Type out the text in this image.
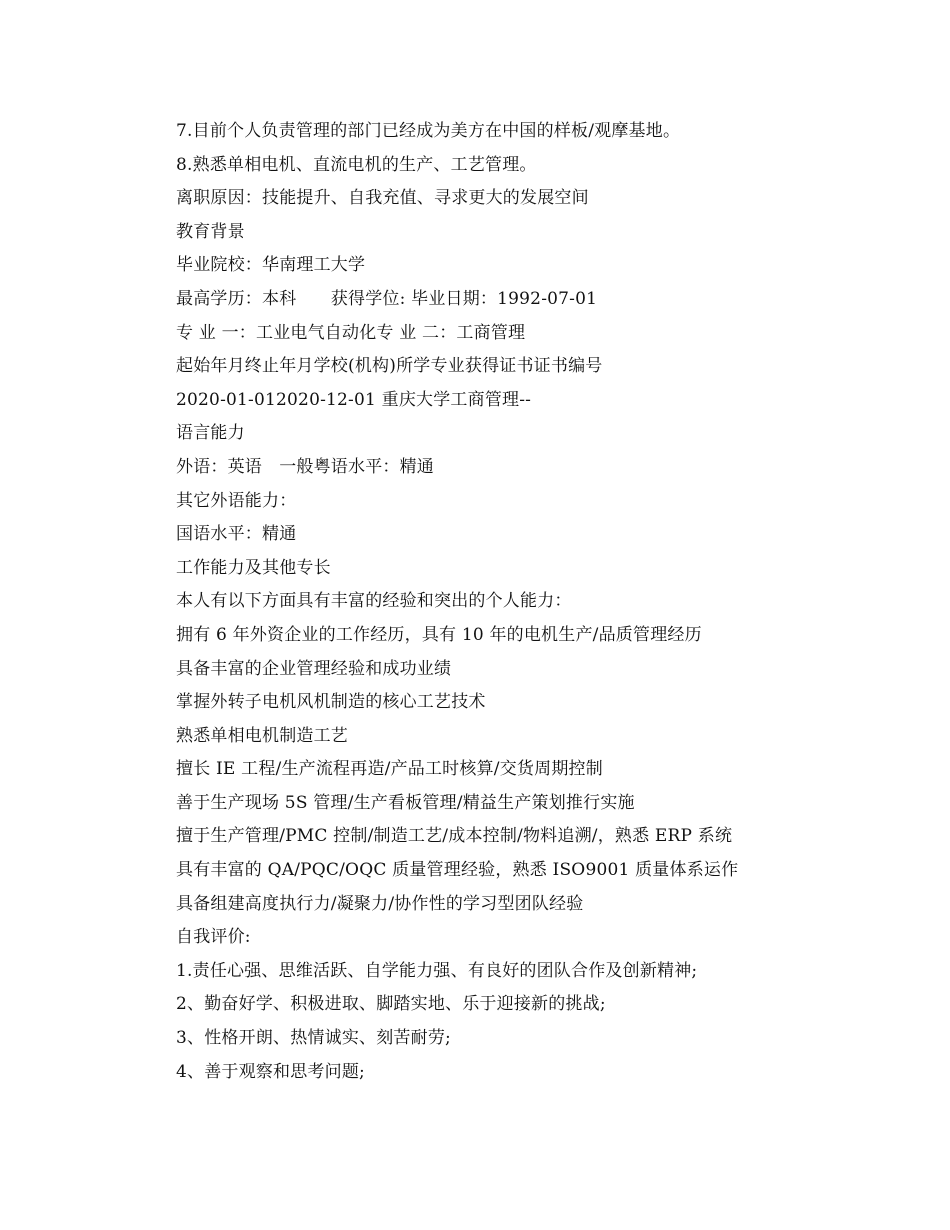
7.目前个人负责管理的部门已经成为美方在中国的样板/观摩基地。
8.熟悉单相电机、直流电机的生产、工艺管理。
离职原因：技能提升、自我充值、寻求更大的发展空间
教育背景
毕业院校：华南理工大学
最高学历：本科　　获得学位: 毕业日期：1992-07-01
专 业 一：工业电气自动化专 业 二：工商管理
起始年月终止年月学校(机构)所学专业获得证书证书编号
2020-01-012020-12-01 重庆大学工商管理--
语言能力
外语：英语　一般粤语水平：精通
其它外语能力：
国语水平：精通
工作能力及其他专长
本人有以下方面具有丰富的经验和突出的个人能力：
拥有 6 年外资企业的工作经历，具有 10 年的电机生产/品质管理经历
具备丰富的企业管理经验和成功业绩
掌握外转子电机风机制造的核心工艺技术
熟悉单相电机制造工艺
擅长 IE 工程/生产流程再造/产品工时核算/交货周期控制
善于生产现场 5S 管理/生产看板管理/精益生产策划推行实施
擅于生产管理/PMC 控制/制造工艺/成本控制/物料追溯/，熟悉 ERP 系统
具有丰富的 QA/PQC/OQC 质量管理经验，熟悉 ISO9001 质量体系运作
具备组建高度执行力/凝聚力/协作性的学习型团队经验
自我评价:
1.责任心强、思维活跃、自学能力强、有良好的团队合作及创新精神;
2、勤奋好学、积极进取、脚踏实地、乐于迎接新的挑战;
3、性格开朗、热情诚实、刻苦耐劳;
4、善于观察和思考问题;
